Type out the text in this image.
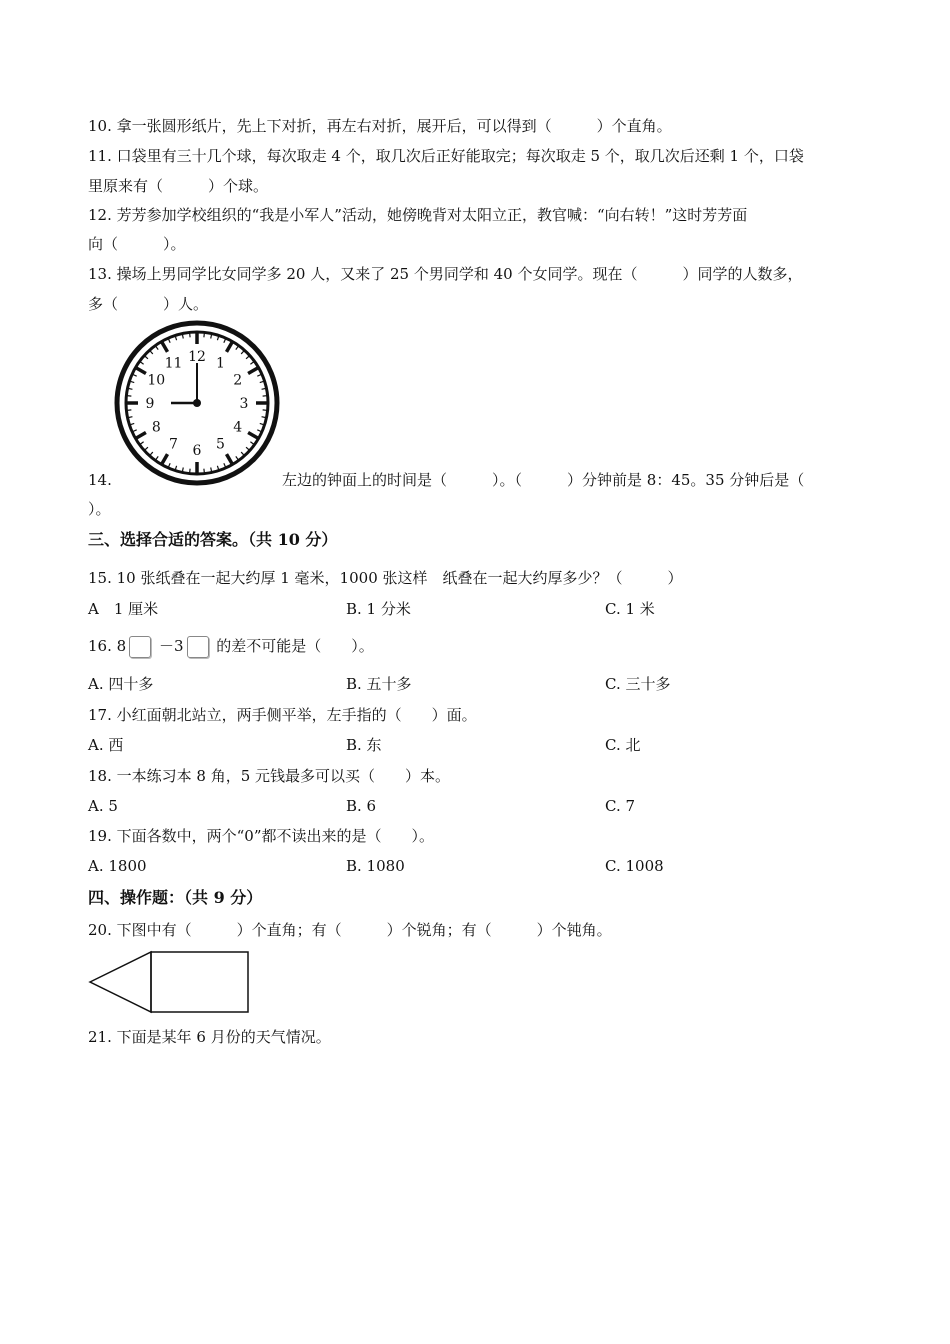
10. 拿一张圆形纸片，先上下对折，再左右对折，展开后，可以得到（　　　）个直角。
11. 口袋里有三十几个球，每次取走 4 个，取几次后正好能取完；每次取走 5 个，取几次后还剩 1 个，口袋
里原来有（　　　）个球。
12. 芳芳参加学校组织的“我是小军人”活动，她傍晚背对太阳立正，教官喊：“向右转！”这时芳芳面
向（　　　）。
13. 操场上男同学比女同学多 20 人，又来了 25 个男同学和 40 个女同学。现在（　　　）同学的人数多，
多（　　　）人。
12 1
2
3
4
5
6
7
8
9
10
11
14.	左边的钟面上的时间是（　　　）。（　　　）分钟前是 8：45。35 分钟后是（
）。
三、选择合适的答案。（共 10 分）
15. 10 张纸叠在一起大约厚 1 毫米，1000 张这样　纸叠在一起大约厚多少？（　　　）
A　1 厘米	B. 1 分米	C. 1 米
16. 8 －3 的差不可能是（　　）。
A. 四十多	B. 五十多	C. 三十多
17. 小红面朝北站立，两手侧平举，左手指的（　　）面。
A. 西	B. 东	C. 北
18. 一本练习本 8 角，5 元钱最多可以买（　　）本。
A. 5	B. 6	C. 7
19. 下面各数中，两个“0”都不读出来的是（　　）。
A. 1800	B. 1080	C. 1008
四、操作题：（共 9 分）
20. 下图中有（　　　）个直角；有（　　　）个锐角；有（　　　）个钝角。
21. 下面是某年 6 月份的天气情况。
